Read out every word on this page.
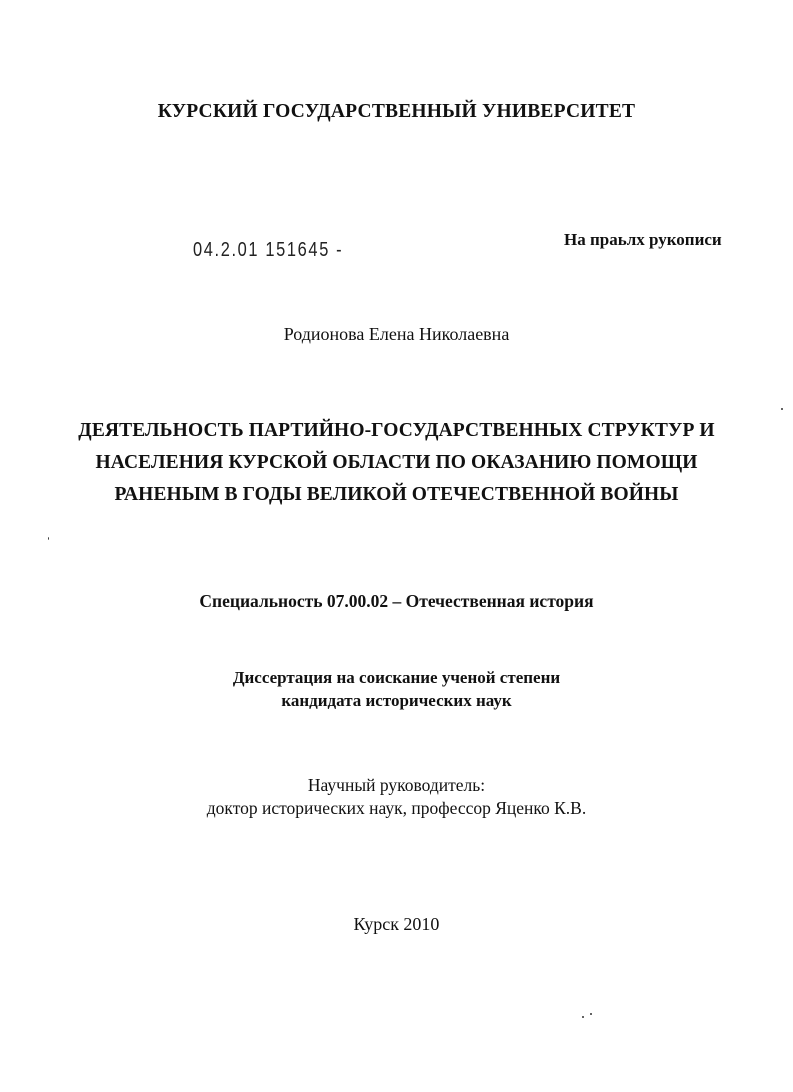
КУРСКИЙ ГОСУДАРСТВЕННЫЙ УНИВЕРСИТЕТ
04.2.01 151645 -	На праьлх рукописи
Родионова Елена Николаевна
ДЕЯТЕЛЬНОСТЬ ПАРТИЙНО-ГОСУДАРСТВЕННЫХ СТРУКТУР И
НАСЕЛЕНИЯ КУРСКОЙ ОБЛАСТИ ПО ОКАЗАНИЮ ПОМОЩИ
РАНЕНЫМ В ГОДЫ ВЕЛИКОЙ ОТЕЧЕСТВЕННОЙ ВОЙНЫ
Специальность 07.00.02 – Отечественная история
Диссертация на соискание ученой степени
кандидата исторических наук
Научный руководитель:
доктор исторических наук, профессор Яценко К.В.
Курск 2010
